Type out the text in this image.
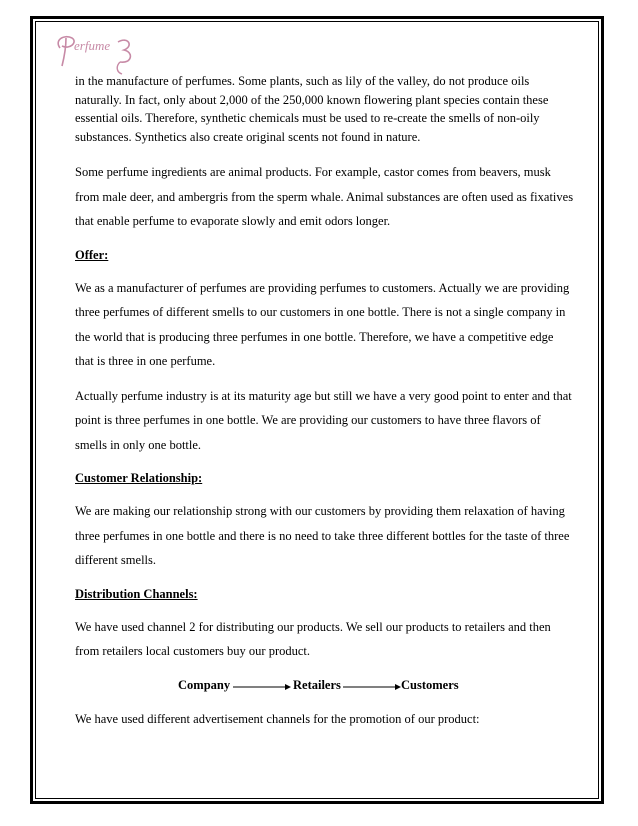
erfume

in the manufacture of perfumes. Some plants, such as lily of the valley, do not produce oils naturally. In fact, only about 2,000 of the 250,000 known flowering plant species contain these essential oils. Therefore, synthetic chemicals must be used to re-create the smells of non-oily substances. Synthetics also create original scents not found in nature.

Some perfume ingredients are animal products. For example, castor comes from beavers, musk from male deer, and ambergris from the sperm whale. Animal substances are often used as fixatives that enable perfume to evaporate slowly and emit odors longer.

Offer:

We as a manufacturer of perfumes are providing perfumes to customers. Actually we are providing three perfumes of different smells to our customers in one bottle. There is not a single company in the world that is producing three perfumes in one bottle. Therefore, we have a competitive edge that is three in one perfume.

Actually perfume industry is at its maturity age but still we have a very good point to enter and that point is three perfumes in one bottle. We are providing our customers to have three flavors of smells in only one bottle.

Customer Relationship:

We are making our relationship strong with our customers by providing them relaxation of having three perfumes in one bottle and there is no need to take three different bottles for the taste of three different smells.

Distribution Channels:

We have used channel 2 for distributing our products. We sell our products to retailers and then from retailers local customers buy our product.

Company	Retailers	Customers

We have used different advertisement channels for the promotion of our product:
